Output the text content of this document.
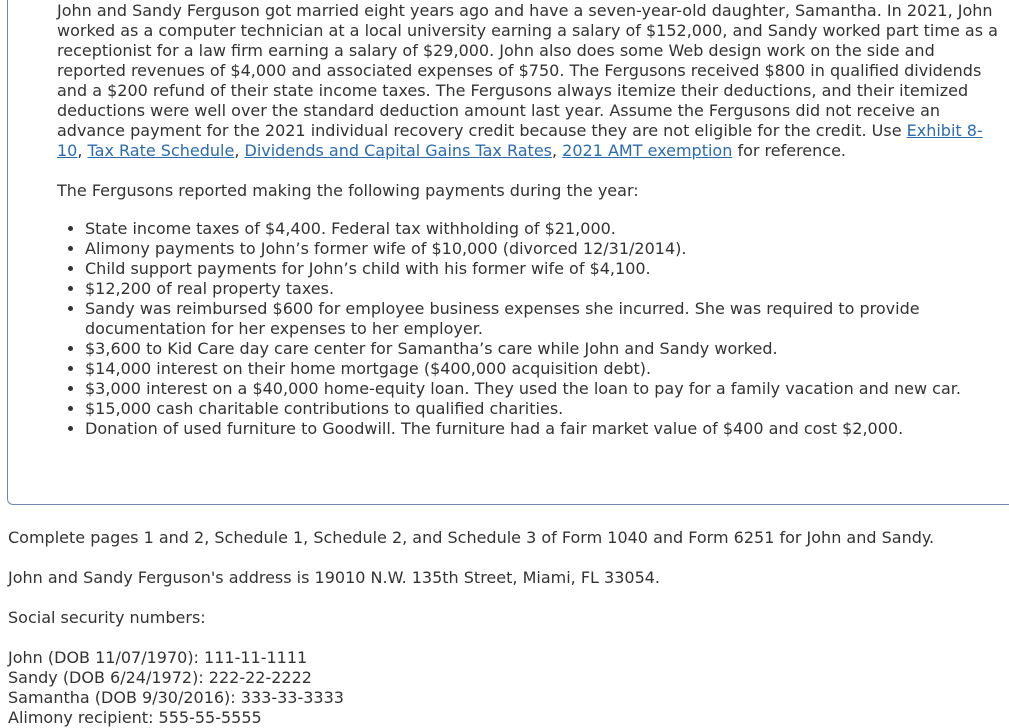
John and Sandy Ferguson got married eight years ago and have a seven-year-old daughter, Samantha. In 2021, John worked as a computer technician at a local university earning a salary of $152,000, and Sandy worked part time as a receptionist for a law firm earning a salary of $29,000. John also does some Web design work on the side and reported revenues of $4,000 and associated expenses of $750. The Fergusons received $800 in qualified dividends and a $200 refund of their state income taxes. The Fergusons always itemize their deductions, and their itemized deductions were well over the standard deduction amount last year. Assume the Fergusons did not receive an advance payment for the 2021 individual recovery credit because they are not eligible for the credit. Use Exhibit 8-10, Tax Rate Schedule, Dividends and Capital Gains Tax Rates, 2021 AMT exemption for reference.

The Fergusons reported making the following payments during the year:

• State income taxes of $4,400. Federal tax withholding of $21,000.
• Alimony payments to John’s former wife of $10,000 (divorced 12/31/2014).
• Child support payments for John’s child with his former wife of $4,100.
• $12,200 of real property taxes.
• Sandy was reimbursed $600 for employee business expenses she incurred. She was required to provide documentation for her expenses to her employer.
• $3,600 to Kid Care day care center for Samantha’s care while John and Sandy worked.
• $14,000 interest on their home mortgage ($400,000 acquisition debt).
• $3,000 interest on a $40,000 home-equity loan. They used the loan to pay for a family vacation and new car.
• $15,000 cash charitable contributions to qualified charities.
• Donation of used furniture to Goodwill. The furniture had a fair market value of $400 and cost $2,000.

Complete pages 1 and 2, Schedule 1, Schedule 2, and Schedule 3 of Form 1040 and Form 6251 for John and Sandy.

John and Sandy Ferguson's address is 19010 N.W. 135th Street, Miami, FL 33054.

Social security numbers:

John (DOB 11/07/1970): 111-11-1111
Sandy (DOB 6/24/1972): 222-22-2222
Samantha (DOB 9/30/2016): 333-33-3333
Alimony recipient: 555-55-5555
